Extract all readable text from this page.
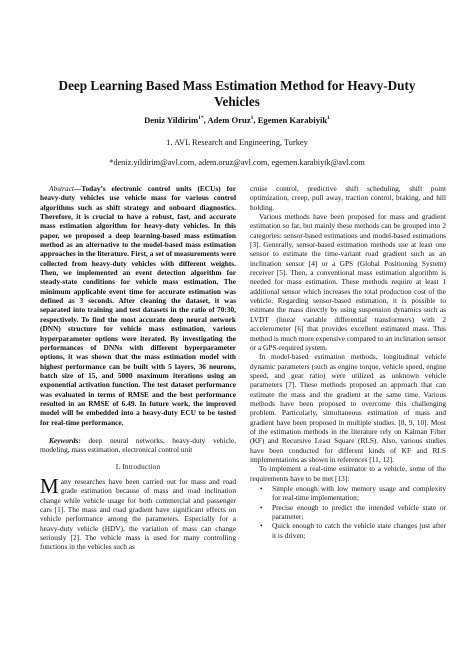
Deep Learning Based Mass Estimation Method for Heavy-Duty Vehicles
Deniz Yildirim$^{1*}$, Adem Oruz$^1$, Egemen Karabiyik$^1$
1. AVL Research and Engineering, Turkey
*deniz.yildirim@avl.com, adem.oruz@avl.com, egemen.karabiyik@avl.com

Abstract—Today’s electronic control units (ECUs) for heavy-duty vehicles use vehicle mass for various control algorithms such as shift strategy and onboard diagnostics. Therefore, it is crucial to have a robust, fast, and accurate mass estimation algorithm for heavy-duty vehicles. In this paper, we proposed a deep learning-based mass estimation method as an alternative to the model-based mass estimation approaches in the literature. First, a set of measurements were collected from heavy-duty vehicles with different weights. Then, we implemented an event detection algorithm for steady-state conditions for vehicle mass estimation. The minimum applicable event time for accurate estimation was defined as 3 seconds. After cleaning the dataset, it was separated into training and test datasets in the ratio of 70:30, respectively. To find the most accurate deep neural network (DNN) structure for vehicle mass estimation, various hyperparameter options were iterated. By investigating the performances of DNNs with different hyperparameter options, it was shown that the mass estimation model with highest performance can be built with 5 layers, 36 neurons, batch size of 15, and 5000 maximum iterations using an exponential activation function. The test dataset performance was evaluated in terms of RMSE and the best performance resulted in an RMSE of 6.49. In future work, the improved model will be embedded into a heavy-duty ECU to be tested for real-time performance.

Keywords: deep neural networks, heavy-duty vehicle, modeling, mass estimation, electronical control unit

I. Introduction

Many researches have been carried out for mass and road grade estimation because of mass and road inclination change while vehicle usage for both commercial and passenger cars [1]. The mass and road gradient have significant effects on vehicle performance among the parameters. Especially for a heavy-duty vehicle (HDV), the variation of mass can change seriously [2]. The vehicle mass is used for many controlling functions in the vehicles such as

cruise control, predictive shift scheduling, shift point optimization, creep, pull away, traction control, braking, and hill holding.

Various methods have been proposed for mass and gradient estimation so far, but mainly these methods can be grouped into 2 categories: sensor-based estimations and model-based estimations [3]. Generally, sensor-based estimation methods use at least one sensor to estimate the time-variant road gradient such as an inclination sensor [4] or a GPS (Global Positioning System) receiver [5]. Then, a conventional mass estimation algorithm is needed for mass estimation. These methods require at least 1 additional sensor which increases the total production cost of the vehicle. Regarding sensor-based estimation, it is possible to estimate the mass directly by using suspension dynamics such as LVDT (linear variable differential transformers) with 2 accelerometer [6] that provides excellent estimated mass. This method is much more expensive compared to an inclination sensor or a GPS-required system.

In model-based estimation methods, longitudinal vehicle dynamic parameters (such as engine torque, vehicle speed, engine speed, and gear ratio) were utilized as unknown vehicle parameters [7]. These methods proposed an approach that can estimate the mass and the gradient at the same time. Various methods have been proposed to overcome this challenging problem. Particularly, simultaneous estimation of mass and gradient have been proposed in multiple studies. [8, 9, 10]. Most of the estimation methods in the literature rely on Kalman Filter (KF) and Recursive Least Square (RLS). Also, various studies have been conducted for different kinds of KF and RLS implementations as shown in references [11, 12].

To implement a real-time estimator to a vehicle, some of the requirements have to be met [13]:

• Simple enough with low memory usage and complexity for real-time implementation;
• Precise enough to predict the intended vehicle state or parameter;
• Quick enough to catch the vehicle state changes just after it is driven;
